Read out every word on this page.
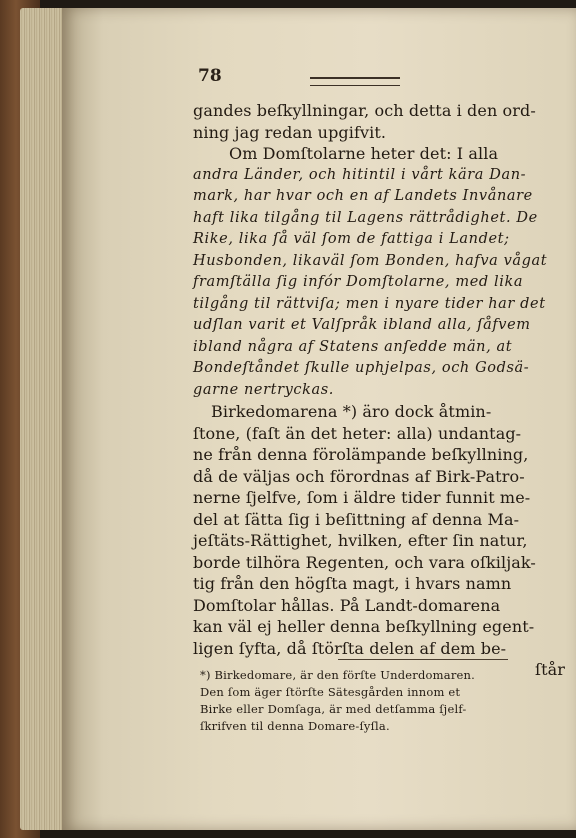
78
gandes beſkyllningar, och detta i den ord-
ning jag redan upgifvit.
Om Domſtolarne heter det: I alla
andra Länder, och hitintil i vårt kära Dan-
mark, har hvar och en af Landets Invånare
haft lika tilgång til Lagens rättrådighet. De
Rike, lika ſå väl ſom de fattiga i Landet;
Husbonden, likaväl ſom Bonden, hafva vågat
framſtälla ſig infór Domſtolarne, med lika
tilgång til rättviſa; men i nyare tider har det
udſlan varit et Valſpråk ibland alla, ſåfvem
ibland några af Statens anſedde män, at
Bondeſtåndet ſkulle uphjelpas, och Godsä-
garne nertryckas.
Birkedomarena *) äro dock åtmin-
ſtone, (faſt än det heter: alla) undantag-
ne från denna förolämpande beſkyllning,
då de väljas och förordnas af Birk-Patro-
nerne ſjelfve, ſom i äldre tider funnit me-
del at ſätta ſig i beſittning af denna Ma-
jeſtäts-Rättighet, hvilken, efter ſin natur,
borde tilhöra Regenten, och vara oſkiljak-
tig från den högſta magt, i hvars namn
Domſtolar hållas. På Landt-domarena
kan väl ej heller denna beſkyllning egent-
ligen ſyfta, då ſtörſta delen af dem be-
ſtår
*) Birkedomare, är den förſte Underdomaren.
Den ſom äger ſtörſte Sätesgården innom et
Birke eller Domſaga, är med detſamma ſjelf-
ſkrifven til denna Domare-ſyſla.
